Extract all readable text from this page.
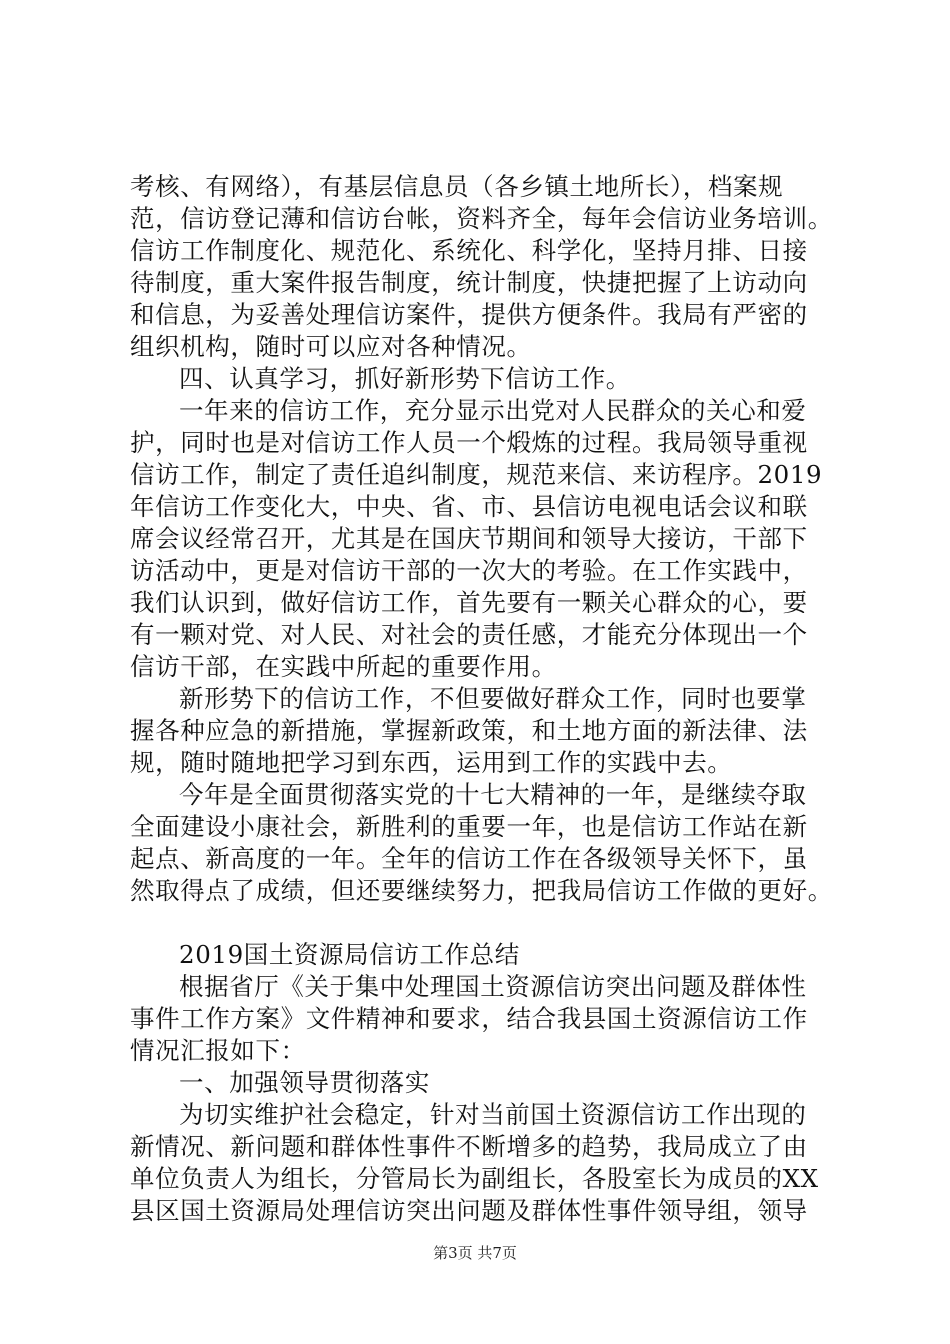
考核、有网络），有基层信息员（各乡镇土地所长），档案规
范，信访登记薄和信访台帐，资料齐全，每年会信访业务培训。
信访工作制度化、规范化、系统化、科学化，坚持月排、日接
待制度，重大案件报告制度，统计制度，快捷把握了上访动向
和信息，为妥善处理信访案件，提供方便条件。我局有严密的
组织机构，随时可以应对各种情况。
四、认真学习，抓好新形势下信访工作。
一年来的信访工作，充分显示出党对人民群众的关心和爱
护，同时也是对信访工作人员一个煅炼的过程。我局领导重视
信访工作，制定了责任追纠制度，规范来信、来访程序。2019
年信访工作变化大，中央、省、市、县信访电视电话会议和联
席会议经常召开，尤其是在国庆节期间和领导大接访，干部下
访活动中，更是对信访干部的一次大的考验。在工作实践中，
我们认识到，做好信访工作，首先要有一颗关心群众的心，要
有一颗对党、对人民、对社会的责任感，才能充分体现出一个
信访干部，在实践中所起的重要作用。
新形势下的信访工作，不但要做好群众工作，同时也要掌
握各种应急的新措施，掌握新政策，和土地方面的新法律、法
规，随时随地把学习到东西，运用到工作的实践中去。
今年是全面贯彻落实党的十七大精神的一年，是继续夺取
全面建设小康社会，新胜利的重要一年，也是信访工作站在新
起点、新高度的一年。全年的信访工作在各级领导关怀下，虽
然取得点了成绩，但还要继续努力，把我局信访工作做的更好。
2019国土资源局信访工作总结
根据省厅《关于集中处理国土资源信访突出问题及群体性
事件工作方案》文件精神和要求，结合我县国土资源信访工作
情况汇报如下：
一、加强领导贯彻落实
为切实维护社会稳定，针对当前国土资源信访工作出现的
新情况、新问题和群体性事件不断增多的趋势，我局成立了由
单位负责人为组长，分管局长为副组长，各股室长为成员的XX
县区国土资源局处理信访突出问题及群体性事件领导组，领导
第3页 共7页
